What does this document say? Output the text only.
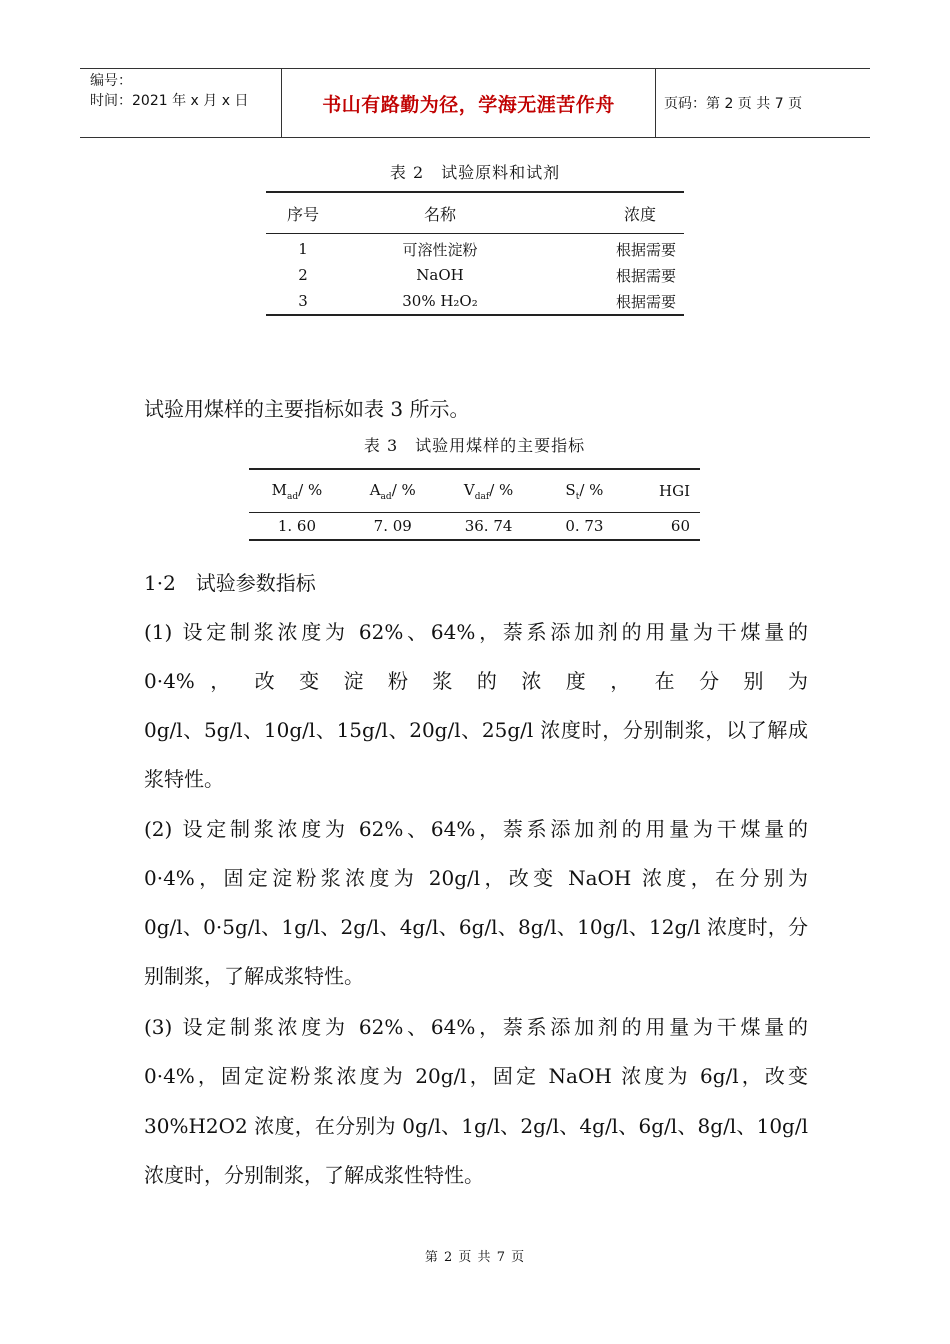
编号：
时间：2021 年 x 月 x 日	书山有路勤为径，学海无涯苦作舟	页码：第 2 页 共 7 页
表 2　试验原料和试剂
序号	名称	浓度
1	可溶性淀粉	根据需要
2	NaOH	根据需要
3	30% H₂O₂	根据需要
试验用煤样的主要指标如表 3 所示。
表 3　试验用煤样的主要指标
$M_{ad}/$ %	$A_{ad}/$ %	$V_{daf}/$ %	$S_t/$ %	HGI
1. 60	7. 09	36. 74	0. 73	60
1·2　试验参数指标
(1) 设定制浆浓度为 62%、64%，萘系添加剂的用量为干煤量的
0·4% ， 改 变 淀 粉 浆 的 浓 度 ， 在 分 别 为
0g/l、5g/l、10g/l、15g/l、20g/l、25g/l 浓度时，分别制浆，以了解成
浆特性。
(2) 设定制浆浓度为 62%、64%，萘系添加剂的用量为干煤量的
0·4%，固定淀粉浆浓度为 20g/l，改变 NaOH 浓度，在分别为
0g/l、0·5g/l、1g/l、2g/l、4g/l、6g/l、8g/l、10g/l、12g/l 浓度时，分
别制浆，了解成浆特性。
(3) 设定制浆浓度为 62%、64%，萘系添加剂的用量为干煤量的
0·4%，固定淀粉浆浓度为 20g/l，固定 NaOH 浓度为 6g/l，改变
30%H2O2 浓度，在分别为 0g/l、1g/l、2g/l、4g/l、6g/l、8g/l、10g/l
浓度时，分别制浆，了解成浆性特性。
第 2 页 共 7 页
